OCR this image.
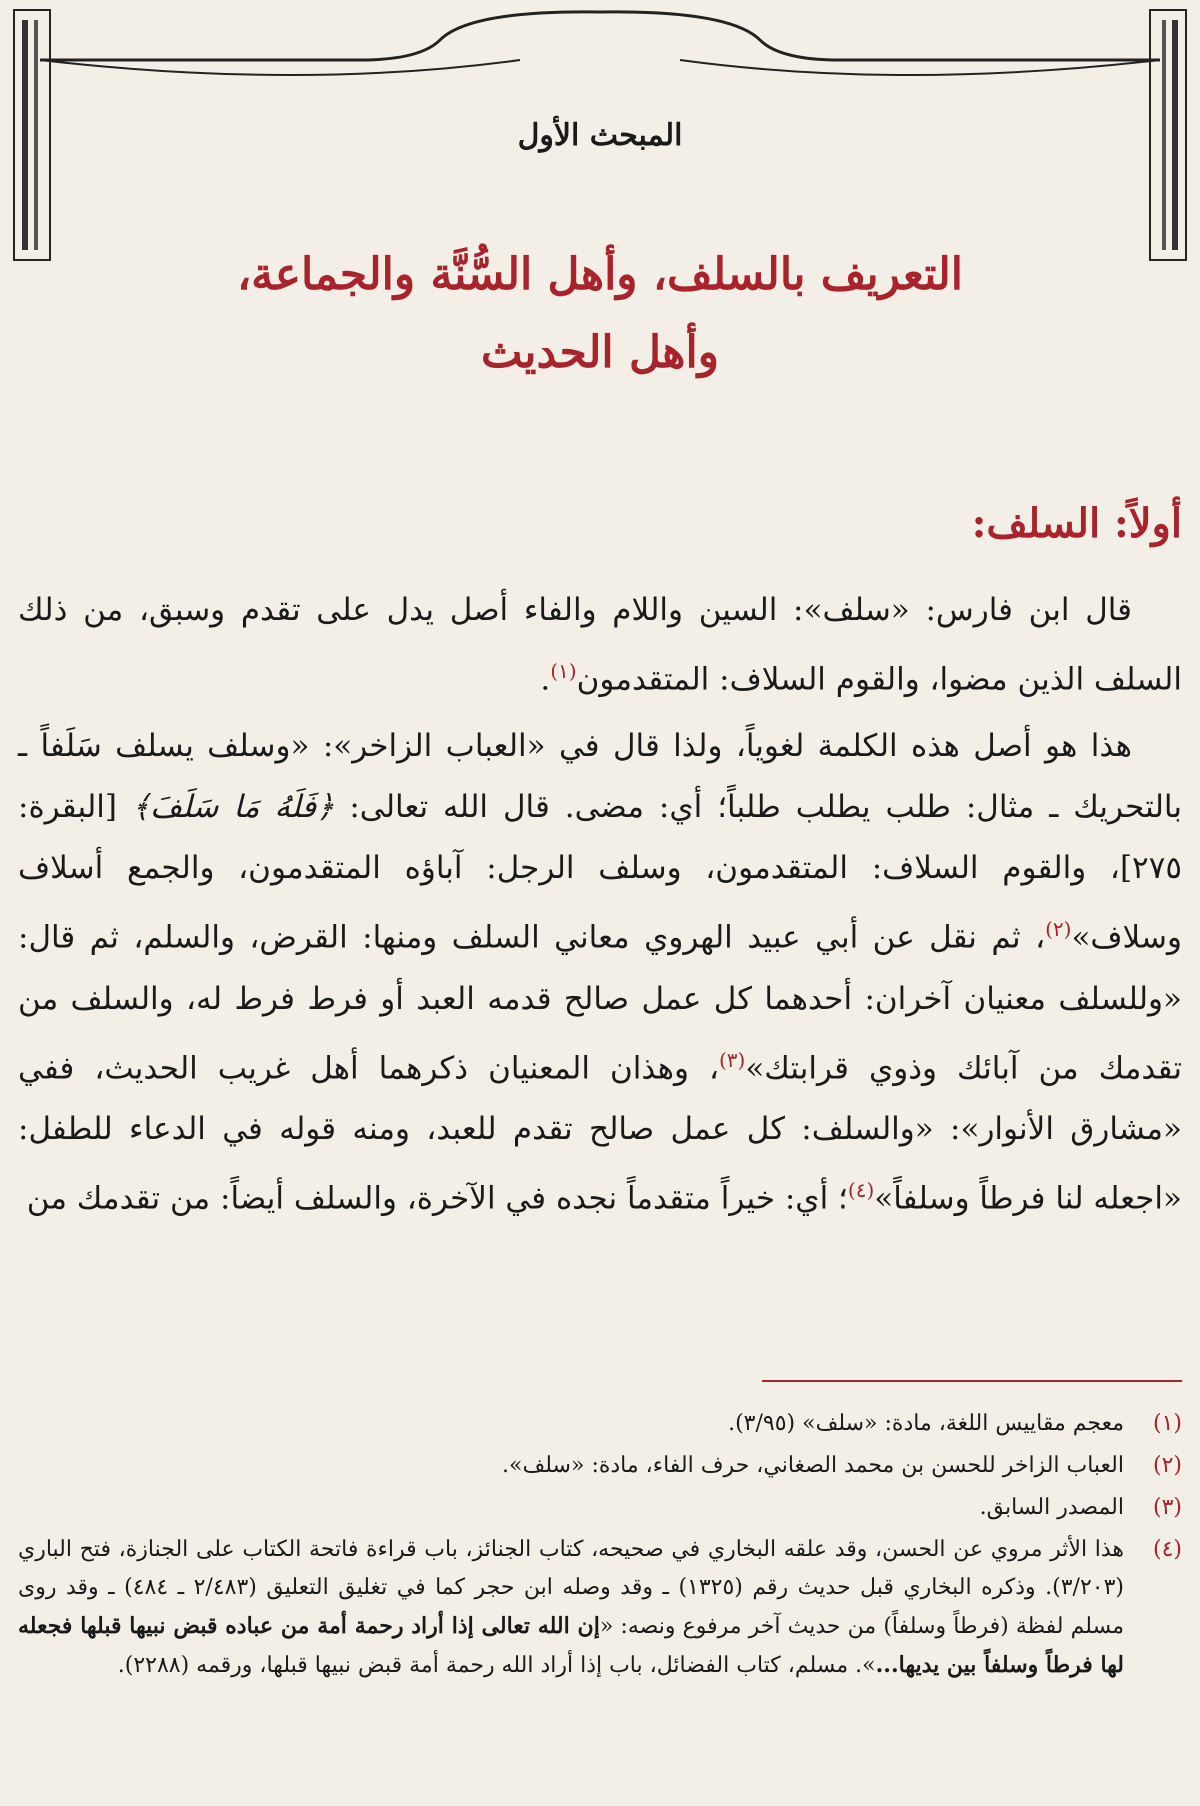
المبحث الأول
التعريف بالسلف، وأهل السُّنَّة والجماعة،
وأهل الحديث
أولاً: السلف:

قال ابن فارس: «سلف»: السين واللام والفاء أصل يدل على تقدم وسبق، من ذلك السلف الذين مضوا، والقوم السلاف: المتقدمون$^{(١)}$.

هذا هو أصل هذه الكلمة لغوياً، ولذا قال في «العباب الزاخر»: «وسلف يسلف سَلَفاً ـ بالتحريك ـ مثال: طلب يطلب طلباً؛ أي: مضى. قال الله تعالى: ﴿فَلَهُ مَا سَلَفَ﴾ [البقرة: ٢٧٥]، والقوم السلاف: المتقدمون، وسلف الرجل: آباؤه المتقدمون، والجمع أسلاف وسلاف»$^{(٢)}$، ثم نقل عن أبي عبيد الهروي معاني السلف ومنها: القرض، والسلم، ثم قال: «وللسلف معنيان آخران: أحدهما كل عمل صالح قدمه العبد أو فرط فرط له، والسلف من تقدمك من آبائك وذوي قرابتك»$^{(٣)}$، وهذان المعنيان ذكرهما أهل غريب الحديث، ففي «مشارق الأنوار»: «والسلف: كل عمل صالح تقدم للعبد، ومنه قوله في الدعاء للطفل: «اجعله لنا فرطاً وسلفاً»$^{(٤)}$؛ أي: خيراً متقدماً نجده في الآخرة، والسلف أيضاً: من تقدمك من

(١)
معجم مقاييس اللغة، مادة: «سلف» (٣/٩٥).
(٢)
العباب الزاخر للحسن بن محمد الصغاني، حرف الفاء، مادة: «سلف».
(٣)
المصدر السابق.
(٤)
هذا الأثر مروي عن الحسن، وقد علقه البخاري في صحيحه، كتاب الجنائز، باب قراءة فاتحة الكتاب على الجنازة، فتح الباري (٣/٢٠٣). وذكره البخاري قبل حديث رقم (١٣٢٥) ـ وقد وصله ابن حجر كما في تغليق التعليق (٢/٤٨٣ ـ ٤٨٤) ـ وقد روى مسلم لفظة (فرطاً وسلفاً) من حديث آخر مرفوع ونصه: «إن الله تعالى إذا أراد رحمة أمة من عباده قبض نبيها قبلها فجعله لها فرطاً وسلفاً بين يديها...». مسلم، كتاب الفضائل، باب إذا أراد الله رحمة أمة قبض نبيها قبلها، ورقمه (٢٢٨٨).
